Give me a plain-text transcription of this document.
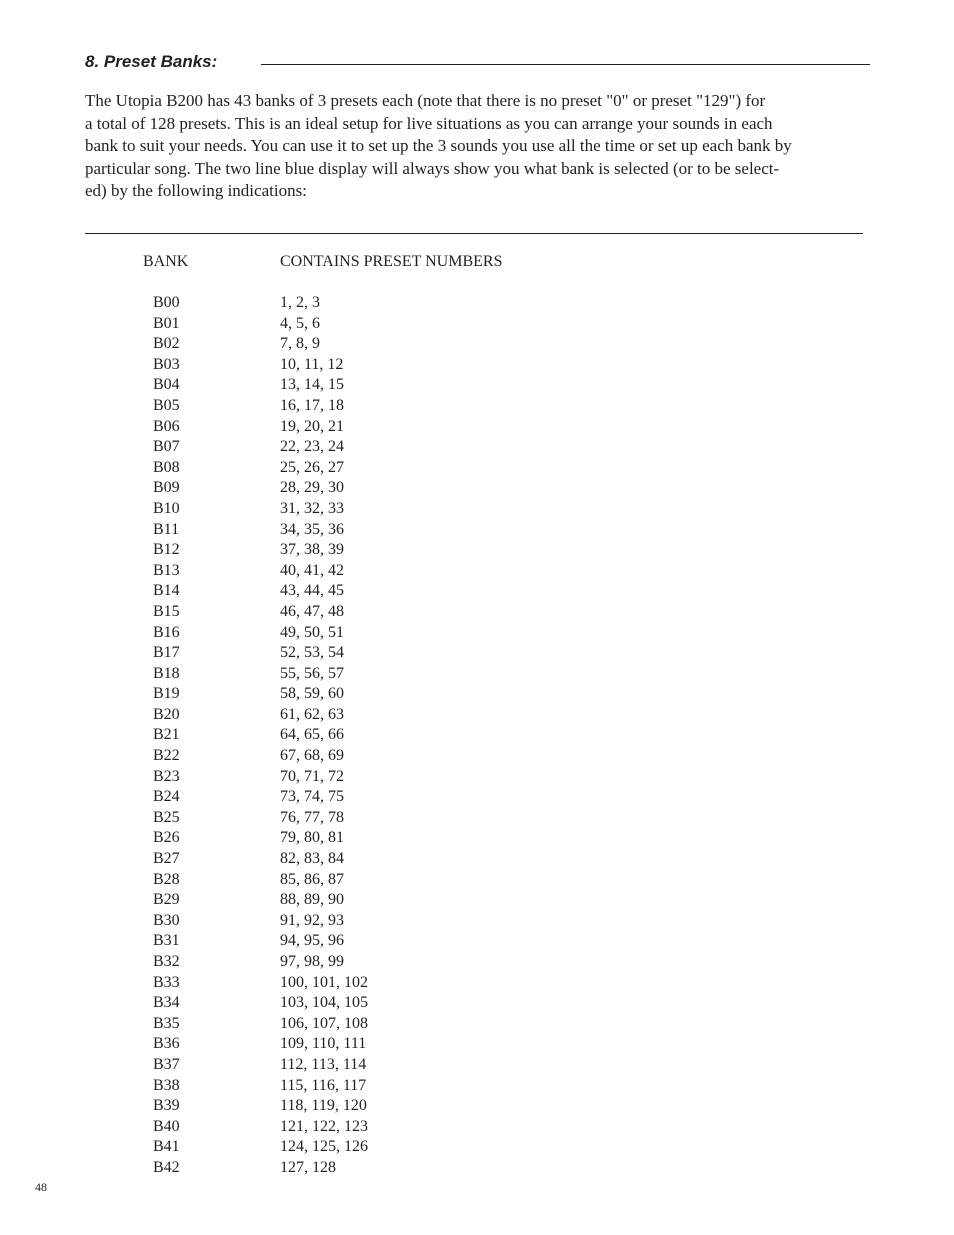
8. Preset Banks:

The Utopia B200 has 43 banks of 3 presets each (note that there is no preset "0" or preset "129") for
a total of 128 presets. This is an ideal setup for live situations as you can arrange your sounds in each
bank to suit your needs. You can use it to set up the 3 sounds you use all the time or set up each bank by
particular song. The two line blue display will always show you what bank is selected (or to be select-
ed) by the following indications:

BANK	CONTAINS PRESET NUMBERS
B00	1, 2, 3
B01	4, 5, 6
B02	7, 8, 9
B03	10, 11, 12
B04	13, 14, 15
B05	16, 17, 18
B06	19, 20, 21
B07	22, 23, 24
B08	25, 26, 27
B09	28, 29, 30
B10	31, 32, 33
B11	34, 35, 36
B12	37, 38, 39
B13	40, 41, 42
B14	43, 44, 45
B15	46, 47, 48
B16	49, 50, 51
B17	52, 53, 54
B18	55, 56, 57
B19	58, 59, 60
B20	61, 62, 63
B21	64, 65, 66
B22	67, 68, 69
B23	70, 71, 72
B24	73, 74, 75
B25	76, 77, 78
B26	79, 80, 81
B27	82, 83, 84
B28	85, 86, 87
B29	88, 89, 90
B30	91, 92, 93
B31	94, 95, 96
B32	97, 98, 99
B33	100, 101, 102
B34	103, 104, 105
B35	106, 107, 108
B36	109, 110, 111
B37	112, 113, 114
B38	115, 116, 117
B39	118, 119, 120
B40	121, 122, 123
B41	124, 125, 126
B42	127, 128
48
